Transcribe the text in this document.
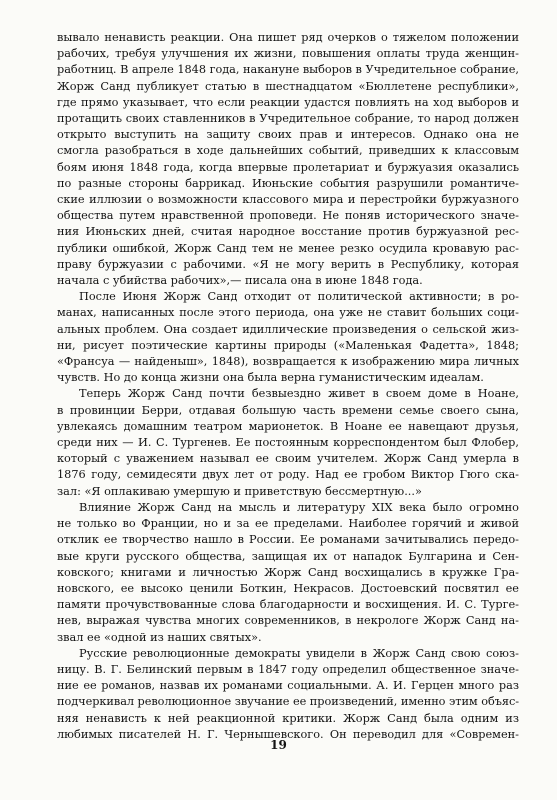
вывало ненависть реакции. Она пишет ряд очерков о тяжелом положении
рабочих, требуя улучшения их жизни, повышения оплаты труда женщин-
работниц. В апреле 1848 года, накануне выборов в Учредительное собрание,
Жорж Санд публикует статью в шестнадцатом «Бюллетене республики»,
где прямо указывает, что если реакции удастся повлиять на ход выборов и
протащить своих ставленников в Учредительное собрание, то народ должен
открыто выступить на защиту своих прав и интересов. Однако она не
смогла разобраться в ходе дальнейших событий, приведших к классовым
боям июня 1848 года, когда впервые пролетариат и буржуазия оказались
по разные стороны баррикад. Июньские события разрушили романтиче-
ские иллюзии о возможности классового мира и перестройки буржуазного
общества путем нравственной проповеди. Не поняв исторического значе-
ния Июньских дней, считая народное восстание против буржуазной рес-
публики ошибкой, Жорж Санд тем не менее резко осудила кровавую рас-
праву буржуазии с рабочими. «Я не могу верить в Республику, которая
начала с убийства рабочих»,— писала она в июне 1848 года.
После Июня Жорж Санд отходит от политической активности; в ро-
манах, написанных после этого периода, она уже не ставит больших соци-
альных проблем. Она создает идиллические произведения о сельской жиз-
ни, рисует поэтические картины природы («Маленькая Фадетта», 1848;
«Франсуа — найденыш», 1848), возвращается к изображению мира личных
чувств. Но до конца жизни она была верна гуманистическим идеалам.
Теперь Жорж Санд почти безвыездно живет в своем доме в Ноане,
в провинции Берри, отдавая большую часть времени семье своего сына,
увлекаясь домашним театром марионеток. В Ноане ее навещают друзья,
среди них — И. С. Тургенев. Ее постоянным корреспондентом был Флобер,
который с уважением называл ее своим учителем. Жорж Санд умерла в
1876 году, семидесяти двух лет от роду. Над ее гробом Виктор Гюго ска-
зал: «Я оплакиваю умершую и приветствую бессмертную...»
Влияние Жорж Санд на мысль и литературу XIX века было огромно
не только во Франции, но и за ее пределами. Наиболее горячий и живой
отклик ее творчество нашло в России. Ее романами зачитывались передо-
вые круги русского общества, защищая их от нападок Булгарина и Сен-
ковского; книгами и личностью Жорж Санд восхищались в кружке Гра-
новского, ее высоко ценили Боткин, Некрасов. Достоевский посвятил ее
памяти прочувствованные слова благодарности и восхищения. И. С. Турге-
нев, выражая чувства многих современников, в некрологе Жорж Санд на-
звал ее «одной из наших святых».
Русские революционные демократы увидели в Жорж Санд свою союз-
ницу. В. Г. Белинский первым в 1847 году определил общественное значе-
ние ее романов, назвав их романами социальными. А. И. Герцен много раз
подчеркивал революционное звучание ее произведений, именно этим объяс-
няя ненависть к ней реакционной критики. Жорж Санд была одним из
любимых писателей Н. Г. Чернышевского. Он переводил для «Современ-
19
